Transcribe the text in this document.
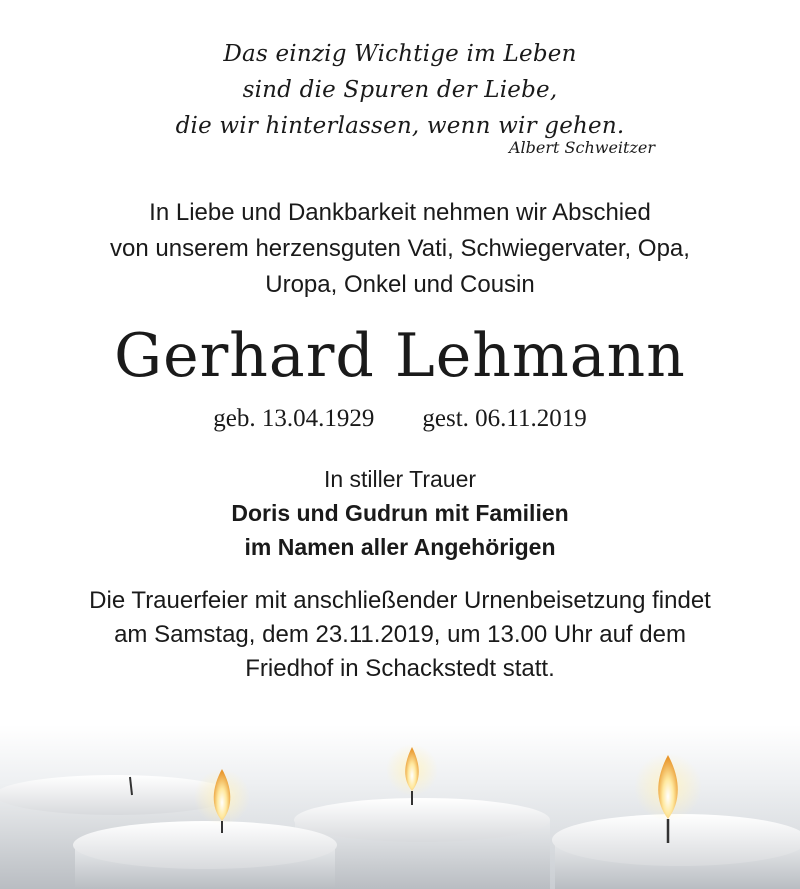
Das einzig Wichtige im Leben
sind die Spuren der Liebe,
die wir hinterlassen, wenn wir gehen.
Albert Schweitzer
In Liebe und Dankbarkeit nehmen wir Abschied
von unserem herzensguten Vati, Schwiegervater, Opa,
Uropa, Onkel und Cousin
Gerhard Lehmann
geb. 13.04.1929 gest. 06.11.2019
In stiller Trauer
Doris und Gudrun mit Familien
im Namen aller Angehörigen
Die Trauerfeier mit anschließender Urnenbeisetzung findet
am Samstag, dem 23.11.2019, um 13.00 Uhr auf dem
Friedhof in Schackstedt statt.
